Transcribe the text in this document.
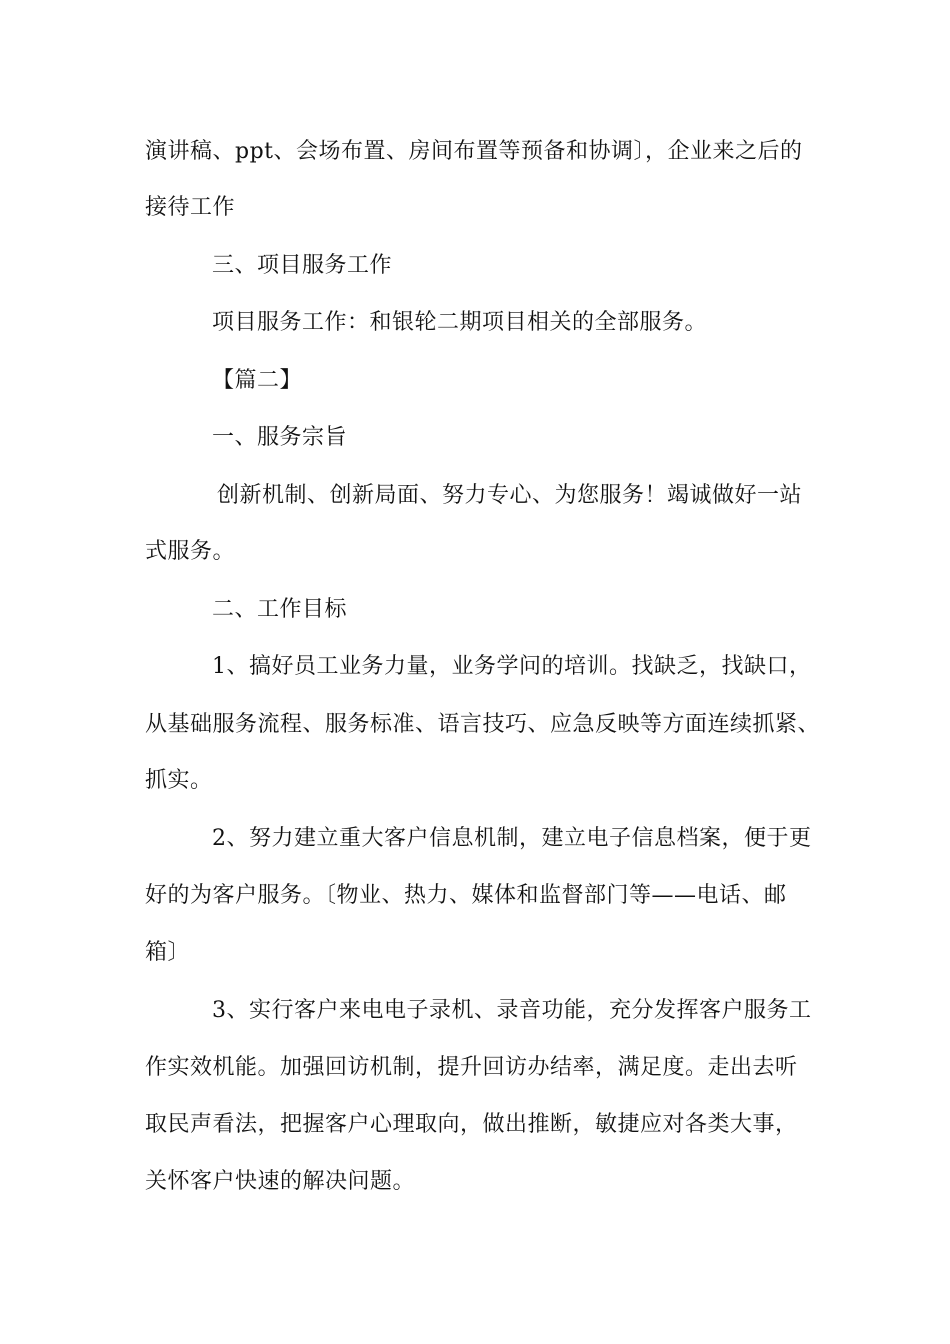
演讲稿、ppt、会场布置、房间布置等预备和协调〕，企业来之后的
接待工作
三、项目服务工作
项目服务工作：和银轮二期项目相关的全部服务。
【篇二】
一、服务宗旨
创新机制、创新局面、努力专心、为您服务！竭诚做好一站
式服务。
二、工作目标
1、搞好员工业务力量，业务学问的培训。找缺乏，找缺口，
从基础服务流程、服务标准、语言技巧、应急反映等方面连续抓紧、
抓实。
2、努力建立重大客户信息机制，建立电子信息档案，便于更
好的为客户服务。〔物业、热力、媒体和监督部门等——电话、邮
箱〕
3、实行客户来电电子录机、录音功能，充分发挥客户服务工
作实效机能。加强回访机制，提升回访办结率，满足度。走出去听
取民声看法，把握客户心理取向，做出推断，敏捷应对各类大事，
关怀客户快速的解决问题。
